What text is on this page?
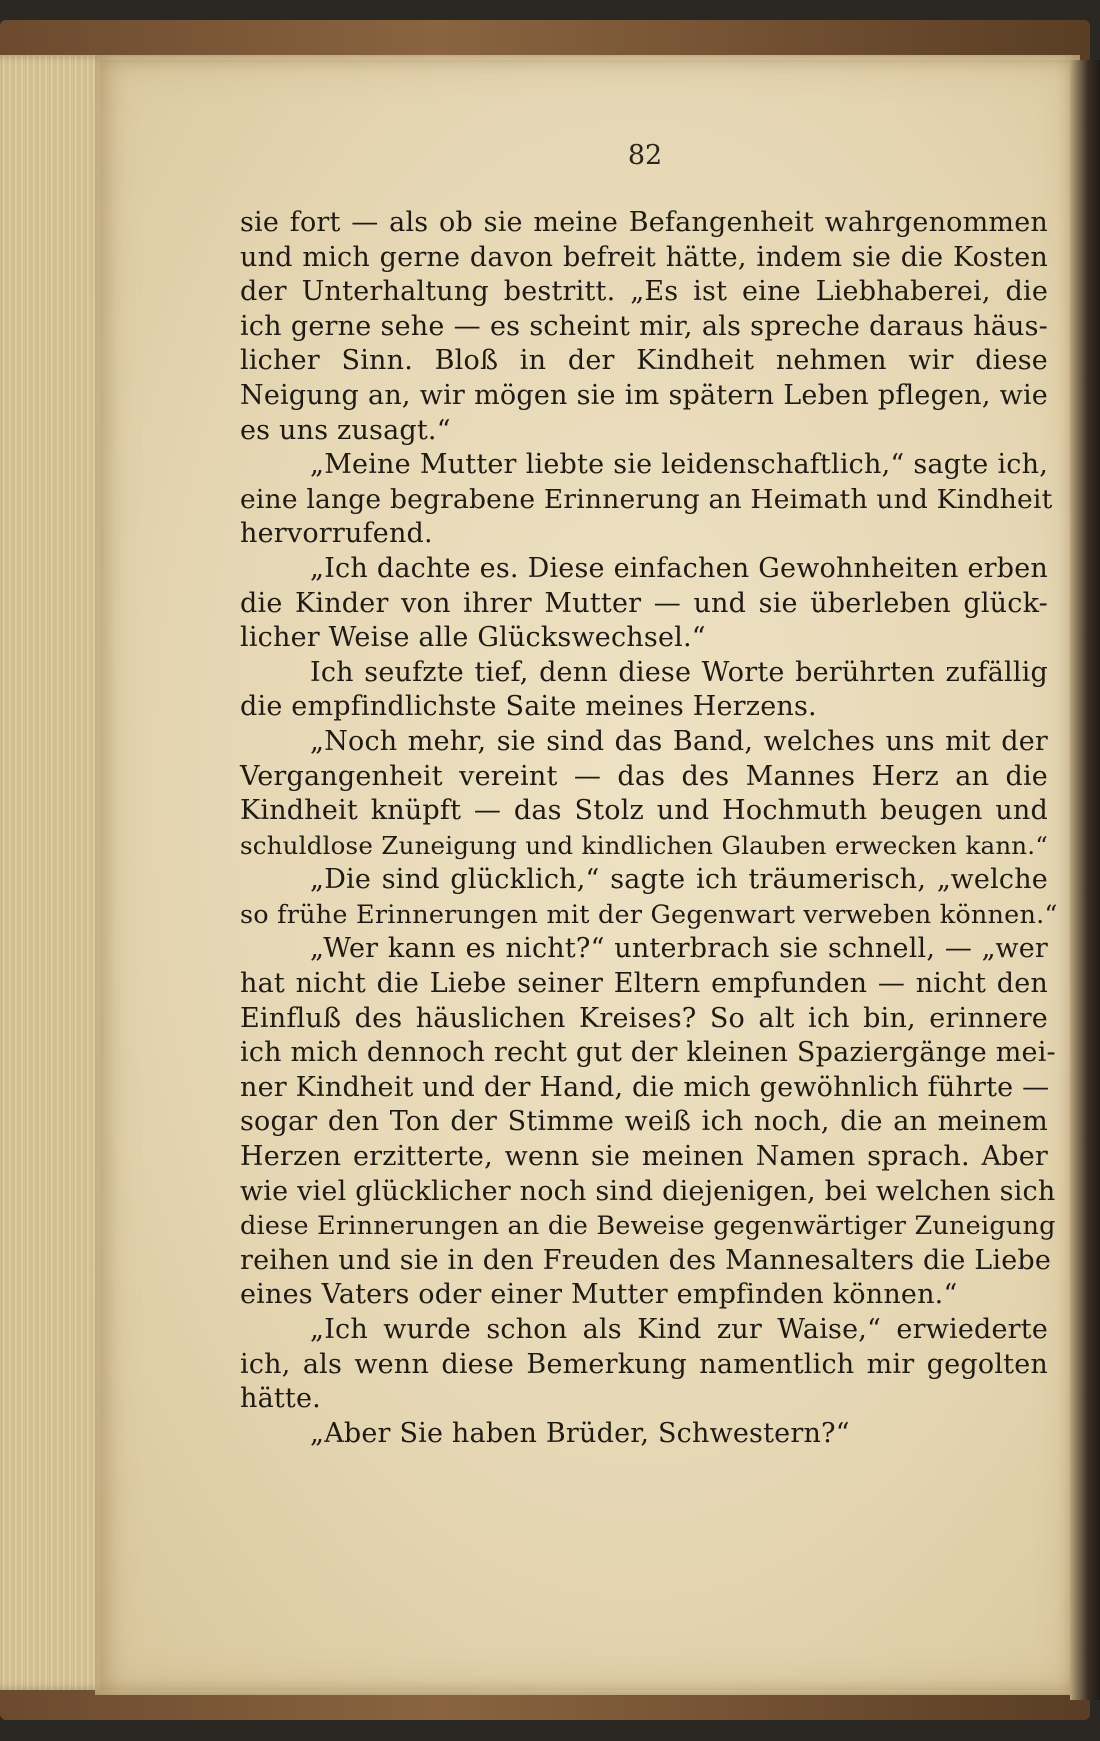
82
sie fort — als ob sie meine Befangenheit wahrgenommen
und mich gerne davon befreit hätte, indem sie die Kosten
der Unterhaltung bestritt. „Es ist eine Liebhaberei, die
ich gerne sehe — es scheint mir, als spreche daraus häus-
licher Sinn. Bloß in der Kindheit nehmen wir diese
Neigung an, wir mögen sie im spätern Leben pflegen, wie
es uns zusagt.“
„Meine Mutter liebte sie leidenschaftlich,“ sagte ich,
eine lange begrabene Erinnerung an Heimath und Kindheit
hervorrufend.
„Ich dachte es. Diese einfachen Gewohnheiten erben
die Kinder von ihrer Mutter — und sie überleben glück-
licher Weise alle Glückswechsel.“
Ich seufzte tief, denn diese Worte berührten zufällig
die empfindlichste Saite meines Herzens.
„Noch mehr, sie sind das Band, welches uns mit der
Vergangenheit vereint — das des Mannes Herz an die
Kindheit knüpft — das Stolz und Hochmuth beugen und
schuldlose Zuneigung und kindlichen Glauben erwecken kann.“
„Die sind glücklich,“ sagte ich träumerisch, „welche
so frühe Erinnerungen mit der Gegenwart verweben können.“
„Wer kann es nicht?“ unterbrach sie schnell, — „wer
hat nicht die Liebe seiner Eltern empfunden — nicht den
Einfluß des häuslichen Kreises? So alt ich bin, erinnere
ich mich dennoch recht gut der kleinen Spaziergänge mei-
ner Kindheit und der Hand, die mich gewöhnlich führte —
sogar den Ton der Stimme weiß ich noch, die an meinem
Herzen erzitterte, wenn sie meinen Namen sprach. Aber
wie viel glücklicher noch sind diejenigen, bei welchen sich
diese Erinnerungen an die Beweise gegenwärtiger Zuneigung
reihen und sie in den Freuden des Mannesalters die Liebe
eines Vaters oder einer Mutter empfinden können.“
„Ich wurde schon als Kind zur Waise,“ erwiederte
ich, als wenn diese Bemerkung namentlich mir gegolten
hätte.
„Aber Sie haben Brüder, Schwestern?“
